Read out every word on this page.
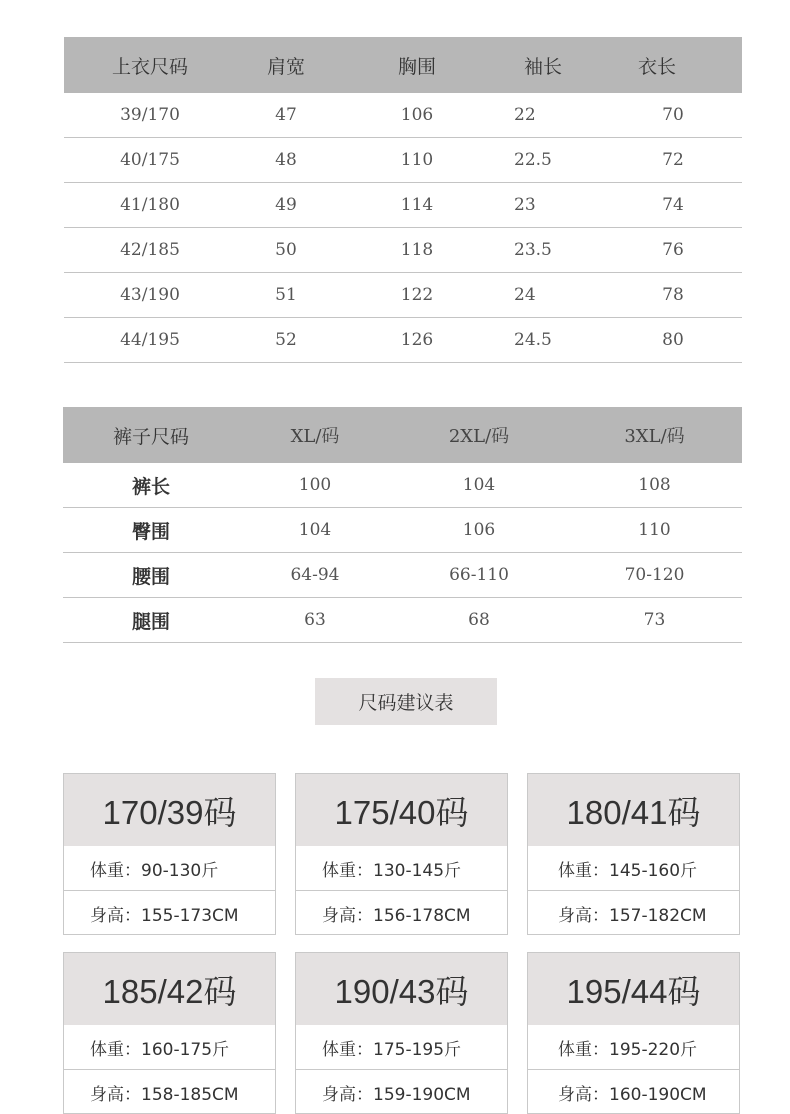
上衣尺码	肩宽	胸围	袖长	衣长
39/170	47	106	22	70
40/175	48	110	22.5	72
41/180	49	114	23	74
42/185	50	118	23.5	76
43/190	51	122	24	78
44/195	52	126	24.5	80
裤子尺码	XL/码	2XL/码	3XL/码
裤长	100	104	108
臀围	104	106	110
腰围	64-94	66-110	70-120
腿围	63	68	73
尺码建议表
170/39码
体重：90-130斤
身高：155-173CM
175/40码
体重：130-145斤
身高：156-178CM
180/41码
体重：145-160斤
身高：157-182CM
185/42码
体重：160-175斤
身高：158-185CM
190/43码
体重：175-195斤
身高：159-190CM
195/44码
体重：195-220斤
身高：160-190CM
